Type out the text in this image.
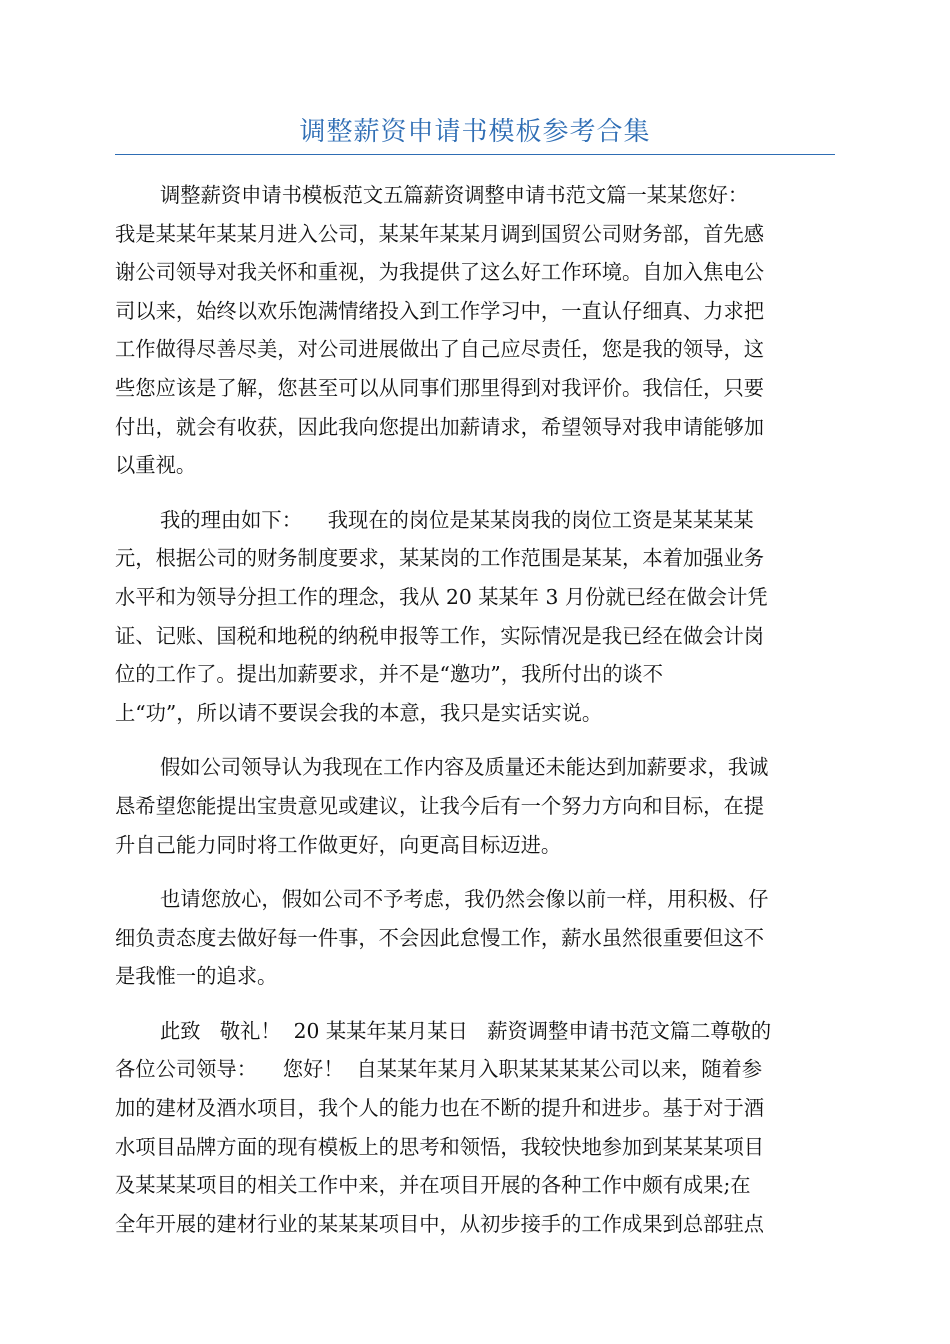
调整薪资申请书模板参考合集

调整薪资申请书模板范文五篇薪资调整申请书范文篇一某某您好：
我是某某年某某月进入公司，某某年某某月调到国贸公司财务部，首先感
谢公司领导对我关怀和重视，为我提供了这么好工作环境。自加入焦电公
司以来，始终以欢乐饱满情绪投入到工作学习中，一直认仔细真、力求把
工作做得尽善尽美，对公司进展做出了自己应尽责任，您是我的领导，这
些您应该是了解，您甚至可以从同事们那里得到对我评价。我信任，只要
付出，就会有收获，因此我向您提出加薪请求，希望领导对我申请能够加
以重视。

我的理由如下：    我现在的岗位是某某岗我的岗位工资是某某某某
元，根据公司的财务制度要求，某某岗的工作范围是某某，本着加强业务
水平和为领导分担工作的理念，我从 20 某某年 3 月份就已经在做会计凭
证、记账、国税和地税的纳税申报等工作，实际情况是我已经在做会计岗
位的工作了。提出加薪要求，并不是“邀功”，我所付出的谈不
上“功”，所以请不要误会我的本意，我只是实话实说。

假如公司领导认为我现在工作内容及质量还未能达到加薪要求，我诚
恳希望您能提出宝贵意见或建议，让我今后有一个努力方向和目标，在提
升自己能力同时将工作做更好，向更高目标迈进。

也请您放心，假如公司不予考虑，我仍然会像以前一样，用积极、仔
细负责态度去做好每一件事，不会因此怠慢工作，薪水虽然很重要但这不
是我惟一的追求。

此致   敬礼！  20 某某年某月某日   薪资调整申请书范文篇二尊敬的
各位公司领导：    您好！  自某某年某月入职某某某某公司以来，随着参
加的建材及酒水项目，我个人的能力也在不断的提升和进步。基于对于酒
水项目品牌方面的现有模板上的思考和领悟，我较快地参加到某某某项目
及某某某项目的相关工作中来，并在项目开展的各种工作中颇有成果;在
全年开展的建材行业的某某某项目中，从初步接手的工作成果到总部驻点
